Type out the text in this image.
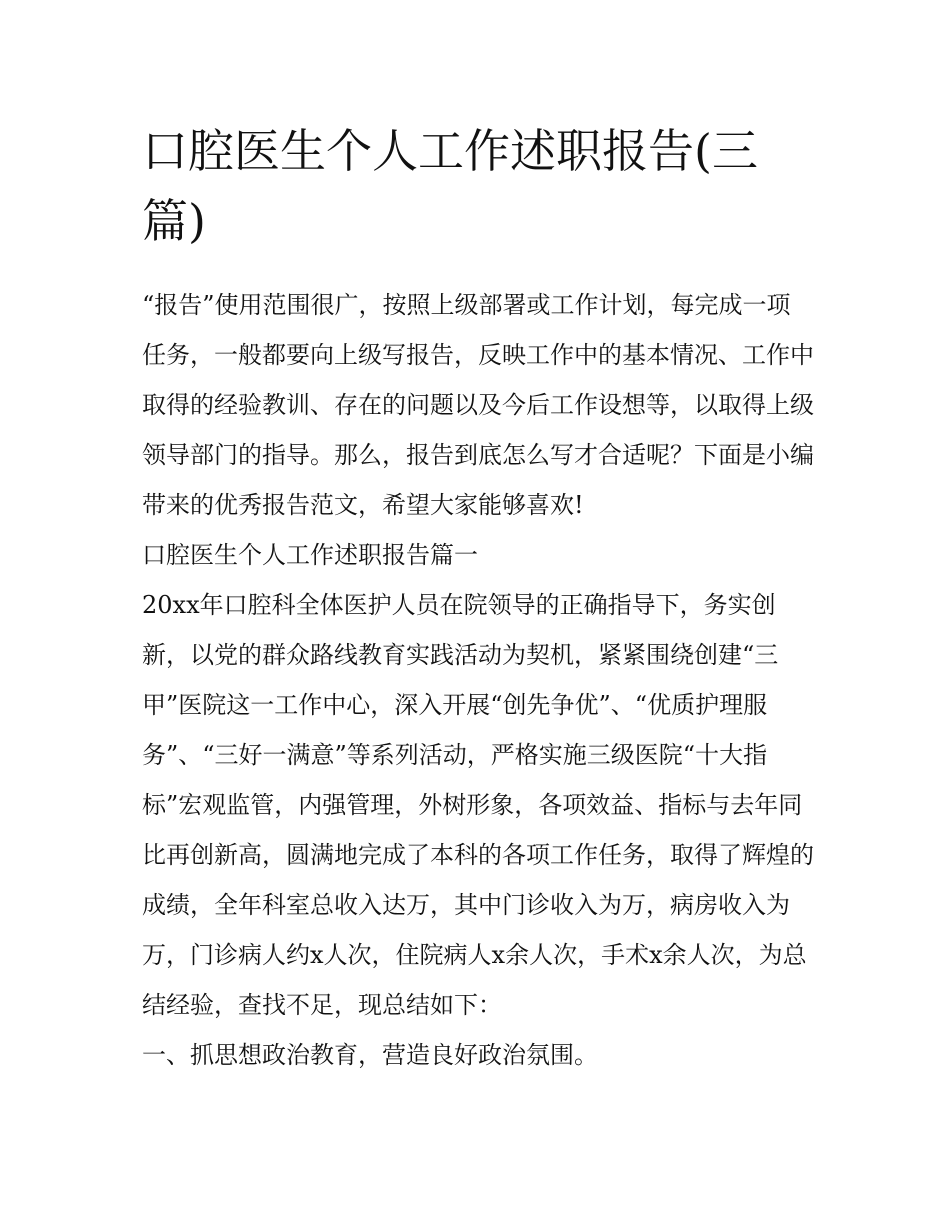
口腔医生个人工作述职报告(三篇)

“报告”使用范围很广，按照上级部署或工作计划，每完成一项任务，一般都要向上级写报告，反映工作中的基本情况、工作中取得的经验教训、存在的问题以及今后工作设想等，以取得上级领导部门的指导。那么，报告到底怎么写才合适呢？下面是小编带来的优秀报告范文，希望大家能够喜欢!

口腔医生个人工作述职报告篇一

20xx年口腔科全体医护人员在院领导的正确指导下，务实创新，以党的群众路线教育实践活动为契机，紧紧围绕创建“三甲”医院这一工作中心，深入开展“创先争优”、“优质护理服务”、“三好一满意”等系列活动，严格实施三级医院“十大指标”宏观监管，内强管理，外树形象，各项效益、指标与去年同比再创新高，圆满地完成了本科的各项工作任务，取得了辉煌的成绩，全年科室总收入达万，其中门诊收入为万，病房收入为万，门诊病人约x人次，住院病人x余人次，手术x余人次，为总结经验，查找不足，现总结如下：

一、抓思想政治教育，营造良好政治氛围。
